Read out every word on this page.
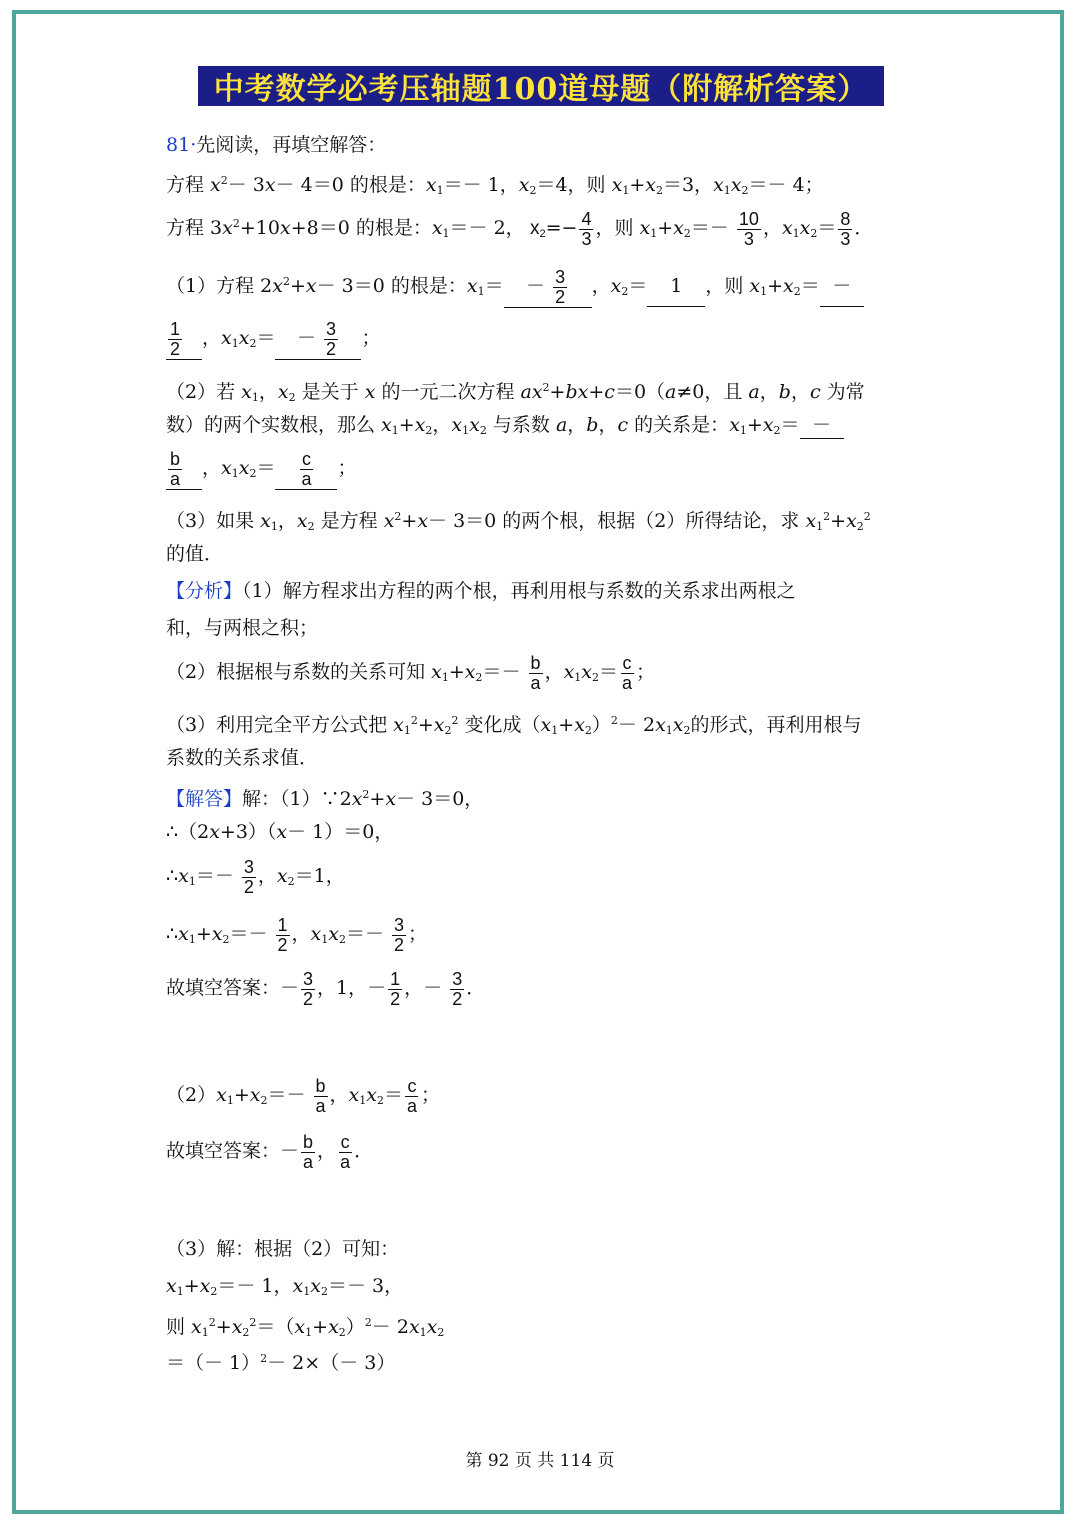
中考数学必考压轴题100道母题（附解析答案）
81·先阅读，再填空解答：
方程 $x^2- 3x- 4=0$ 的根是：$x_1=- 1$，$x_2=4$，则 $x_1+x_2=3$，$x_1x_2=- 4$；
方程 $3x^2+10x+8=0$ 的根是：$x_1=- 2$， $x_2=- \frac{4}{3}$ ，则 $x_1+x_2=- \frac{10}{3}$ ，$x_1x_2= \frac{8}{3}$ ．
（1）方程 $2x^2+x- 3=0$ 的根是：$x_1= - \frac{3}{2}$ ，$x_2= 1$ ，则 $x_1+x_2=$ －
$\frac{1}{2}$ ，$x_1x_2= - \frac{3}{2}$ ；
（2）若 $x_1$，$x_2$ 是关于 x 的一元二次方程 $ax^2+bx+c=0(a\ne 0$，且 a，b，c 为常
数）的两个实数根，那么 $x_1+x_2$，$x_1x_2$ 与系数 a，b，c 的关系是：$x_1+x_2=$ －
$\frac{b}{a}$ ，$x_1x_2= \frac{c}{a}$ ；
（3）如果 $x_1$，$x_2$ 是方程 $x^2+x- 3=0$ 的两个根，根据（2）所得结论，求 $x_1^2+x_2^2$
的值．
【分析】（1）解方程求出方程的两个根，再利用根与系数的关系求出两根之
和，与两根之积；
（2）根据根与系数的关系可知 $x_1+x_2=- \frac{b}{a}$ ，$x_1x_2= \frac{c}{a}$ ；
（3）利用完全平方公式把 $x_1^2+x_2^2$ 变化成$(x_1+x_2)^2- 2x_1x_2$的形式，再利用根与
系数的关系求值．
【解答】解：$(1)\because 2x^2+x- 3=0$，
∴（2x+3）（x－ 1）＝0，
$\therefore x_1=- \frac{3}{2}$ ，$x_2=1$，
$\therefore x_1+x_2=- \frac{1}{2}$ ，$x_1x_2=- \frac{3}{2}$ ；
故填空答案：－ $\frac{3}{2}$ ，1，－ $\frac{1}{2}$ ，－ $\frac{3}{2}$ ．
$(2)x_1+x_2=- \frac{b}{a}$ ，$x_1x_2= \frac{c}{a}$ ；
故填空答案：－ $\frac{b}{a}$ ， $\frac{c}{a}$ ．
（3）解：根据（2）可知：
$x_1+x_2=- 1$，$x_1x_2=- 3$，
则 $x_1^2+x_2^2=(x_1+x_2)^2- 2x_1x_2$
＝（－ 1）$^2$－ 2×（－ 3）
第 92 页 共 114 页
